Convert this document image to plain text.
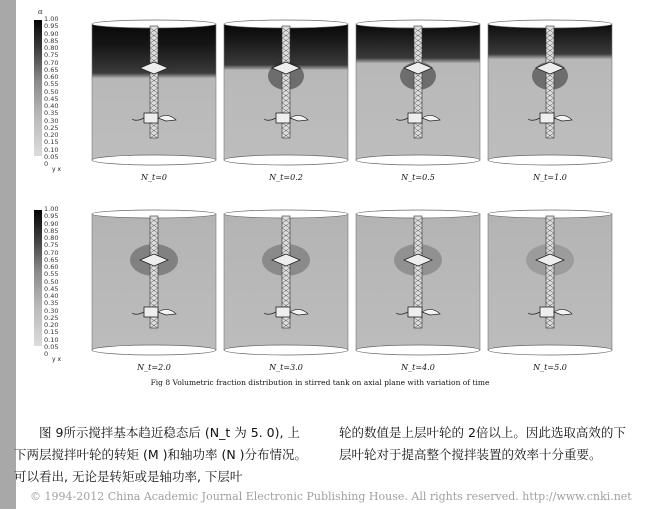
α
1.00
0.95
0.90
0.85
0.80
0.75
0.70
0.65
0.60
0.55
0.50
0.45
0.40
0.35
0.30
0.25
0.20
0.15
0.10
0.05
0
y x
N_t=0	N_t=0.2	N_t=0.5	N_t=1.0
1.00
0.95
0.90
0.85
0.80
0.75
0.70
0.65
0.60
0.55
0.50
0.45
0.40
0.35
0.30
0.25
0.20
0.15
0.10
0.05
0
y x
N_t=2.0	N_t=3.0	N_t=4.0	N_t=5.0
Fig 8 Volumetric fraction distribution in stirred tank on axial plane with variation of time

图 9所示搅拌基本趋近稳态后 (N_t 为 5. 0), 上下两层搅拌叶轮的转矩 (M )和轴功率 (N )分布情况。可以看出, 无论是转矩或是轴功率, 下层叶

轮的数值是上层叶轮的 2倍以上。因此选取高效的下层叶轮对于提高整个搅拌装置的效率十分重要。

© 1994-2012 China Academic Journal Electronic Publishing House. All rights reserved. http://www.cnki.net
